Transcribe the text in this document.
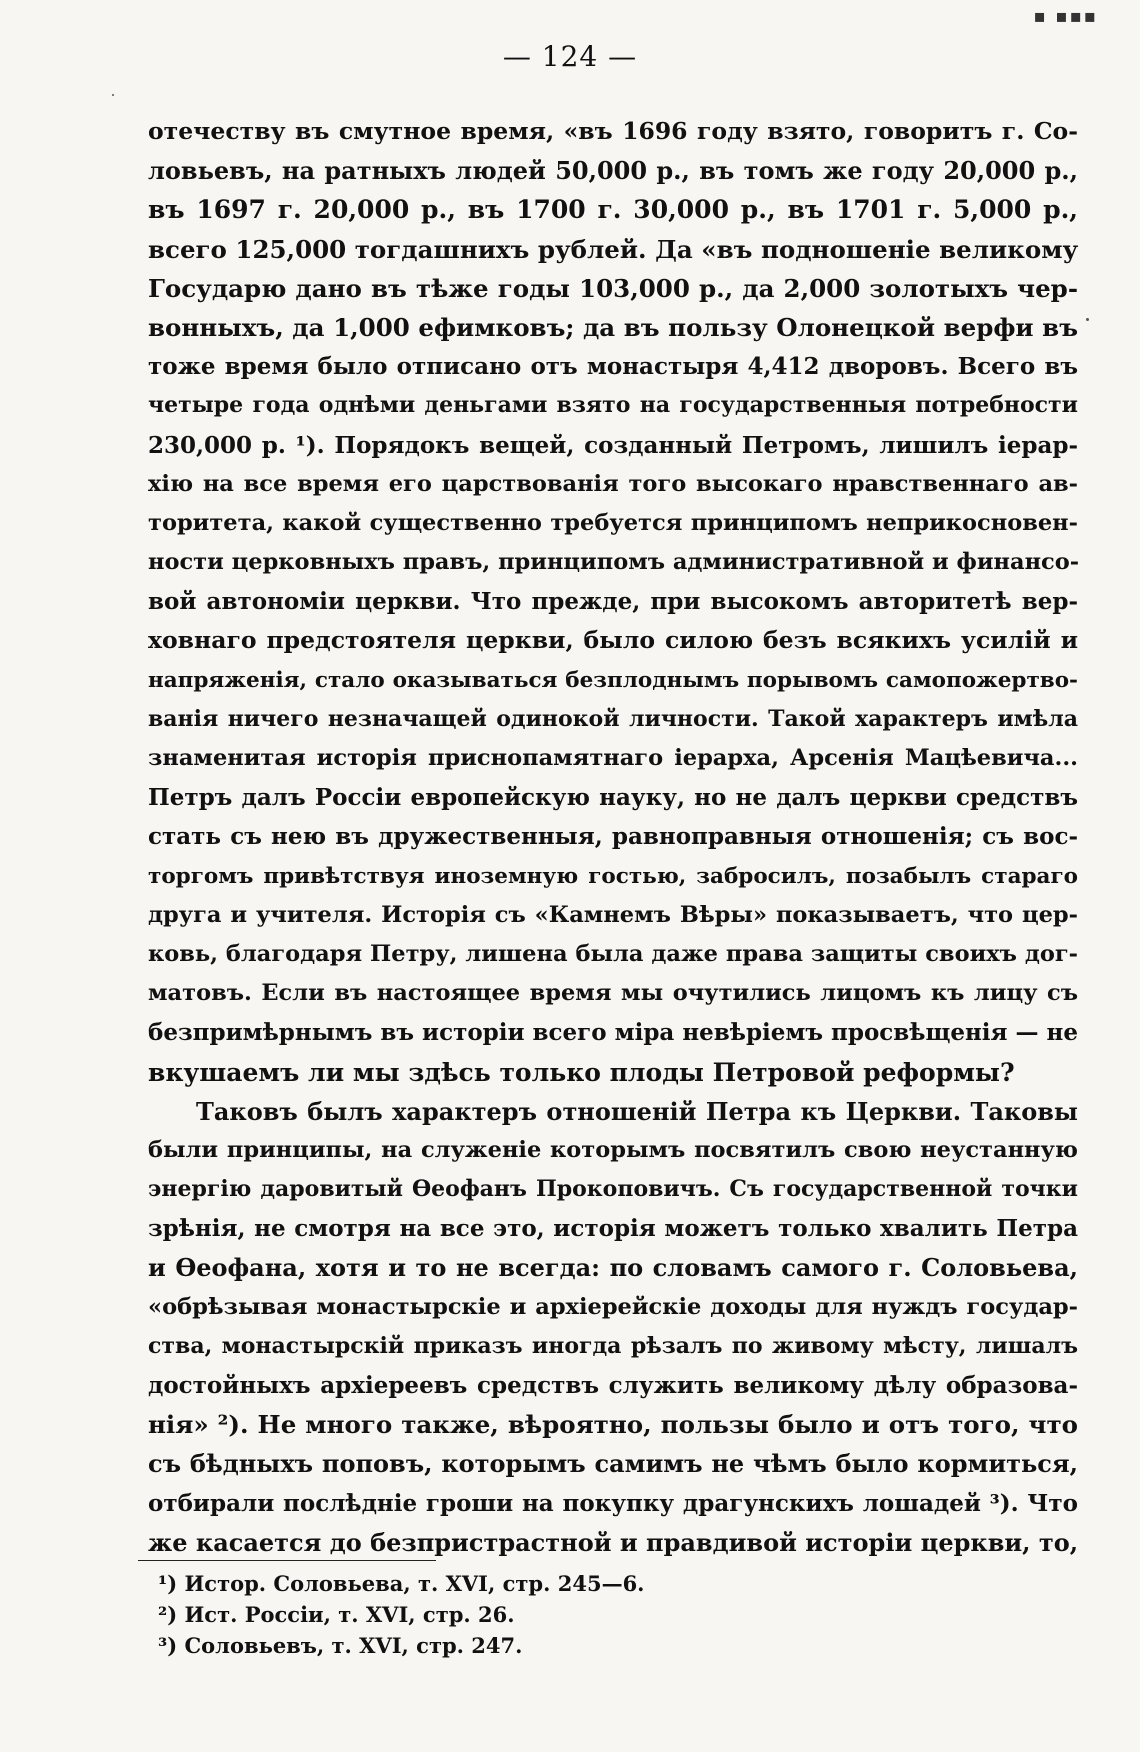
▪ ▪▪▪
— 124 —
отечеству въ смутное время, «въ 1696 году взято, говоритъ г. Со-
ловьевъ, на ратныхъ людей 50,000 р., въ томъ же году 20,000 р.,
въ 1697 г. 20,000 р., въ 1700 г. 30,000 р., въ 1701 г. 5,000 р.,
всего 125,000 тогдашнихъ рублей. Да «въ подношеніе великому
Государю дано въ тѣже годы 103,000 р., да 2,000 золотыхъ чер-
вонныхъ, да 1,000 ефимковъ; да въ пользу Олонецкой верфи въ
тоже время было отписано отъ монастыря 4,412 дворовъ. Всего въ
четыре года однѣми деньгами взято на государственныя потребности
230,000 р. ¹). Порядокъ вещей, созданный Петромъ, лишилъ іерар-
хію на все время его царствованія того высокаго нравственнаго ав-
торитета, какой существенно требуется принципомъ неприкосновен-
ности церковныхъ правъ, принципомъ административной и финансо-
вой автономіи церкви. Что прежде, при высокомъ авторитетѣ вер-
ховнаго предстоятеля церкви, было силою безъ всякихъ усилій и
напряженія, стало оказываться безплоднымъ порывомъ самопожертво-
ванія ничего незначащей одинокой личности. Такой характеръ имѣла
знаменитая исторія приснопамятнаго іерарха, Арсенія Мацѣевича...
Петръ далъ Россіи европейскую науку, но не далъ церкви средствъ
стать съ нею въ дружественныя, равноправныя отношенія; съ вос-
торгомъ привѣтствуя иноземную гостью, забросилъ, позабылъ стараго
друга и учителя. Исторія съ «Камнемъ Вѣры» показываетъ, что цер-
ковь, благодаря Петру, лишена была даже права защиты своихъ дог-
матовъ. Если въ настоящее время мы очутились лицомъ къ лицу съ
безпримѣрнымъ въ исторіи всего міра невѣріемъ просвѣщенія — не
вкушаемъ ли мы здѣсь только плоды Петровой реформы?
Таковъ былъ характеръ отношеній Петра къ Церкви. Таковы
были принципы, на служеніе которымъ посвятилъ свою неустанную
энергію даровитый Ѳеофанъ Прокоповичъ. Съ государственной точки
зрѣнія, не смотря на все это, исторія можетъ только хвалить Петра
и Ѳеофана, хотя и то не всегда: по словамъ самого г. Соловьева,
«обрѣзывая монастырскіе и архіерейскіе доходы для нуждъ государ-
ства, монастырскій приказъ иногда рѣзалъ по живому мѣсту, лишалъ
достойныхъ архіереевъ средствъ служить великому дѣлу образова-
нія» ²). Не много также, вѣроятно, пользы было и отъ того, что
съ бѣдныхъ поповъ, которымъ самимъ не чѣмъ было кормиться,
отбирали послѣдніе гроши на покупку драгунскихъ лошадей ³). Что
же касается до безпристрастной и правдивой исторіи церкви, то,
¹) Истор. Соловьева, т. XVI, стр. 245—6.
²) Ист. Россіи, т. XVI, стр. 26.
³) Соловьевъ, т. XVI, стр. 247.
